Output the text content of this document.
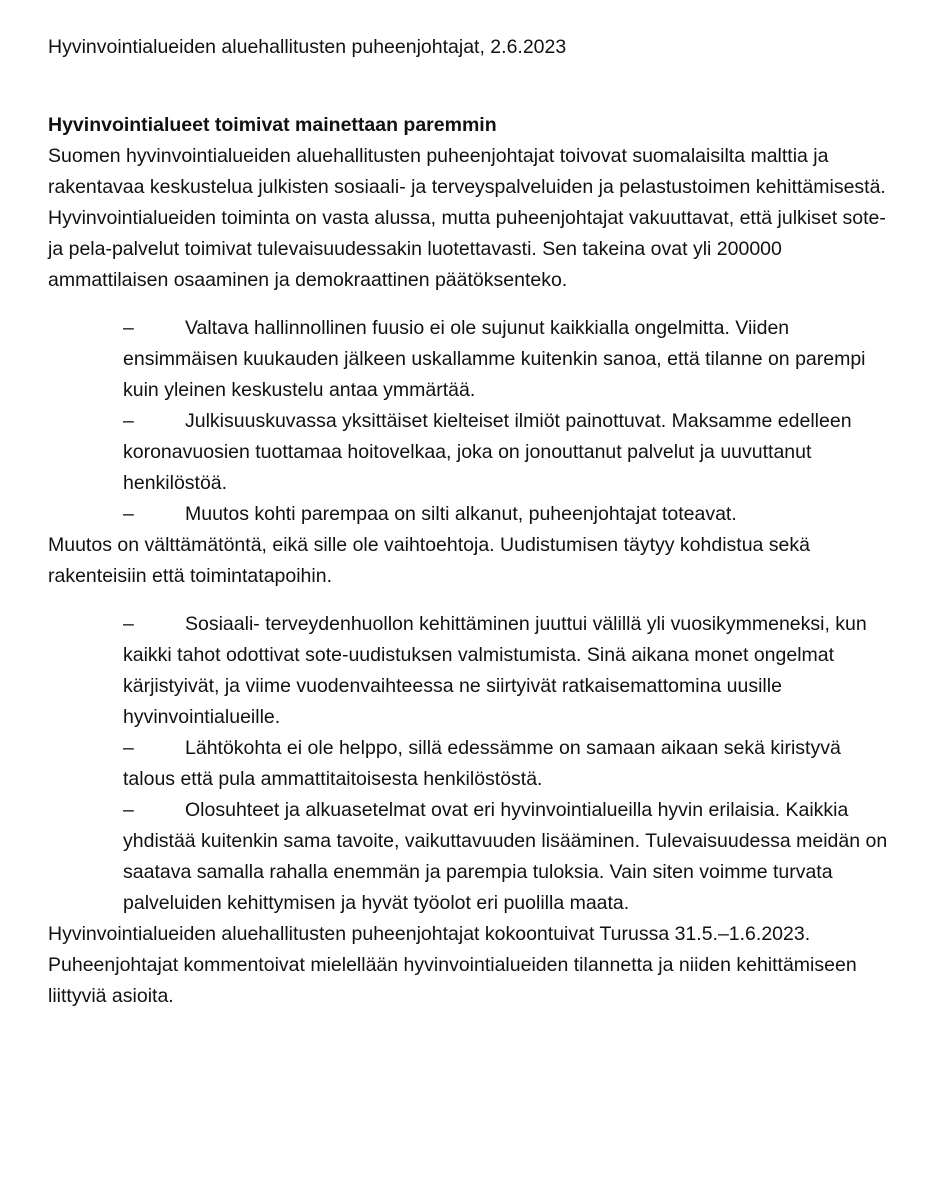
Hyvinvointialueiden aluehallitusten puheenjohtajat, 2.6.2023

Hyvinvointialueet toimivat mainettaan paremmin

Suomen hyvinvointialueiden aluehallitusten puheenjohtajat toivovat suomalaisilta malttia ja rakentavaa keskustelua julkisten sosiaali- ja terveyspalveluiden ja pelastustoimen kehittämisestä.

Hyvinvointialueiden toiminta on vasta alussa, mutta puheenjohtajat vakuuttavat, että julkiset sote- ja pela-palvelut toimivat tulevaisuudessakin luotettavasti. Sen takeina ovat yli 200000 ammattilaisen osaaminen ja demokraattinen päätöksenteko.

–	Valtava hallinnollinen fuusio ei ole sujunut kaikkialla ongelmitta. Viiden ensimmäisen kuukauden jälkeen uskallamme kuitenkin sanoa, että tilanne on parempi kuin yleinen keskustelu antaa ymmärtää.
–	Julkisuuskuvassa yksittäiset kielteiset ilmiöt painottuvat. Maksamme edelleen koronavuosien tuottamaa hoitovelkaa, joka on jonouttanut palvelut ja uuvuttanut henkilöstöä.
–	Muutos kohti parempaa on silti alkanut, puheenjohtajat toteavat.

Muutos on välttämätöntä, eikä sille ole vaihtoehtoja. Uudistumisen täytyy kohdistua sekä rakenteisiin että toimintatapoihin.

–	Sosiaali- terveydenhuollon kehittäminen juuttui välillä yli vuosikymmeneksi, kun kaikki tahot odottivat sote-uudistuksen valmistumista. Sinä aikana monet ongelmat kärjistyivät, ja viime vuodenvaihteessa ne siirtyivät ratkaisemattomina uusille hyvinvointialueille.
–	Lähtökohta ei ole helppo, sillä edessämme on samaan aikaan sekä kiristyvä talous että pula ammattitaitoisesta henkilöstöstä.
–	Olosuhteet ja alkuasetelmat ovat eri hyvinvointialueilla hyvin erilaisia. Kaikkia yhdistää kuitenkin sama tavoite, vaikuttavuuden lisääminen. Tulevaisuudessa meidän on saatava samalla rahalla enemmän ja parempia tuloksia. Vain siten voimme turvata palveluiden kehittymisen ja hyvät työolot eri puolilla maata.

Hyvinvointialueiden aluehallitusten puheenjohtajat kokoontuivat Turussa 31.5.–1.6.2023.

Puheenjohtajat kommentoivat mielellään hyvinvointialueiden tilannetta ja niiden kehittämiseen liittyviä asioita.
